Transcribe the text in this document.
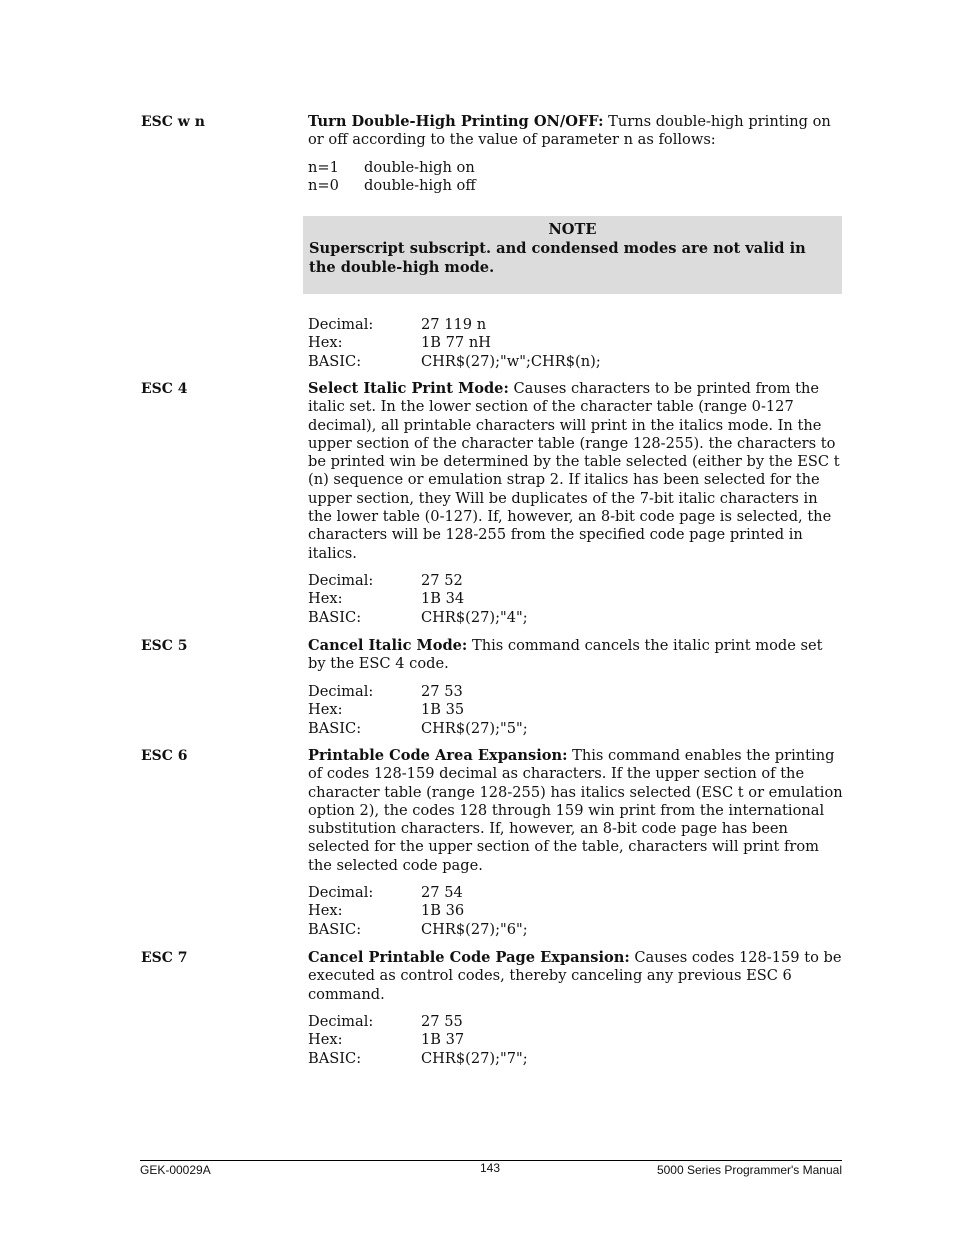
ESC w n	Turn Double-High Printing ON/OFF: Turns double-high printing on or off according to the value of parameter n as follows:

n=1	double-high on
n=0	double-high off
NOTE
Superscript subscript. and condensed modes are not valid in the double-high mode.
Decimal:	27 119 n
Hex:	1B 77 nH
BASIC:	CHR$(27);"w";CHR$(n);
ESC 4	Select Italic Print Mode: Causes characters to be printed from the italic set. In the lower section of the character table (range 0-127 decimal), all printable characters will print in the italics mode. In the upper section of the character table (range 128-255). the characters to be printed win be determined by the table selected (either by the ESC t (n) sequence or emulation strap 2. If italics has been selected for the upper section, they Will be duplicates of the 7-bit italic characters in the lower table (0-127). If, however, an 8-bit code page is selected, the characters will be 128-255 from the specified code page printed in italics.

Decimal:	27 52
Hex:	1B 34
BASIC:	CHR$(27);"4";
ESC 5	Cancel Italic Mode: This command cancels the italic print mode set by the ESC 4 code.

Decimal:	27 53
Hex:	1B 35
BASIC:	CHR$(27);"5";
ESC 6	Printable Code Area Expansion: This command enables the printing of codes 128-159 decimal as characters. If the upper section of the character table (range 128-255) has italics selected (ESC t or emulation option 2), the codes 128 through 159 win print from the international substitution characters. If, however, an 8-bit code page has been selected for the upper section of the table, characters will print from the selected code page.

Decimal:	27 54
Hex:	1B 36
BASIC:	CHR$(27);"6";
ESC 7	Cancel Printable Code Page Expansion: Causes codes 128-159 to be executed as control codes, thereby canceling any previous ESC 6 command.

Decimal:	27 55
Hex:	1B 37
BASIC:	CHR$(27);"7";
GEK-00029A	143	5000 Series Programmer's Manual
